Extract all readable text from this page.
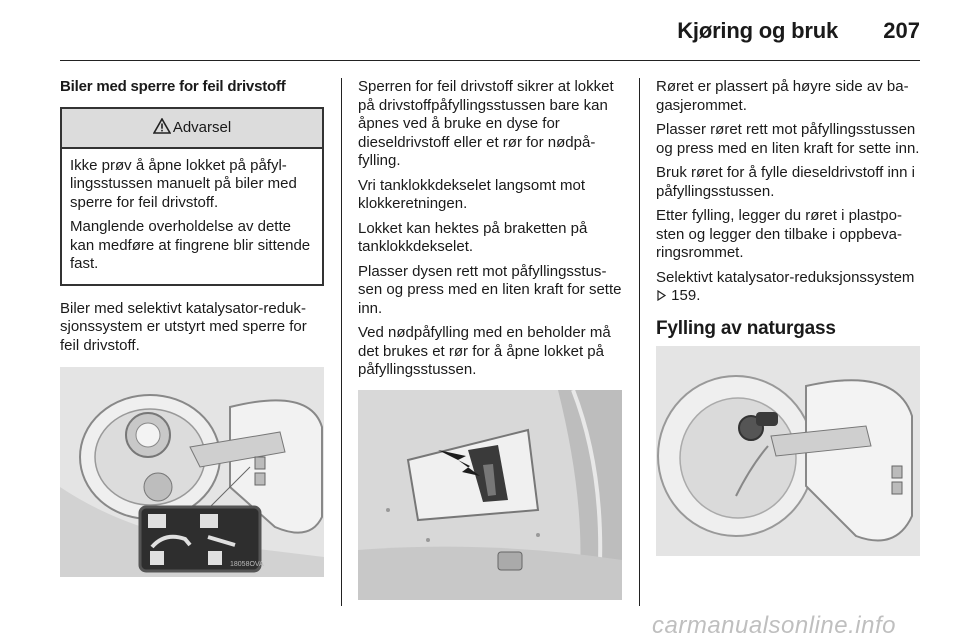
Kjøring og bruk 207
Biler med sperre for feil drivstoff
Advarsel

Ikke prøv å åpne lokket på påfyllingsstussen manuelt på biler med sperre for feil drivstoff.

Manglende overholdelse av dette kan medføre at fingrene blir sittende fast.

Biler med selektivt katalysator-reduksjonssystem er utstyrt med sperre for feil drivstoff.

18058OVA

Sperren for feil drivstoff sikrer at lokket på drivstoffpåfyllingsstussen bare kan åpnes ved å bruke en dyse for dieseldrivstoff eller et rør for nødpåfylling.

Vri tanklokkdekselet langsomt mot klokkeretningen.

Lokket kan hektes på braketten på tanklokkdekselet.

Plasser dysen rett mot påfyllingsstussen og press med en liten kraft for sette inn.

Ved nødpåfylling med en beholder må det brukes et rør for å åpne lokket på påfyllingsstussen.

Røret er plassert på høyre side av bagasjerommet.

Plasser røret rett mot påfyllingsstussen og press med en liten kraft for sette inn.

Bruk røret for å fylle dieseldrivstoff inn i påfyllingsstussen.

Etter fylling, legger du røret i plastposten og legger den tilbake i oppbevaringsrommet.

Selektivt katalysator-reduksjonssystem  159.

Fylling av naturgass
carmanualsonline.info
